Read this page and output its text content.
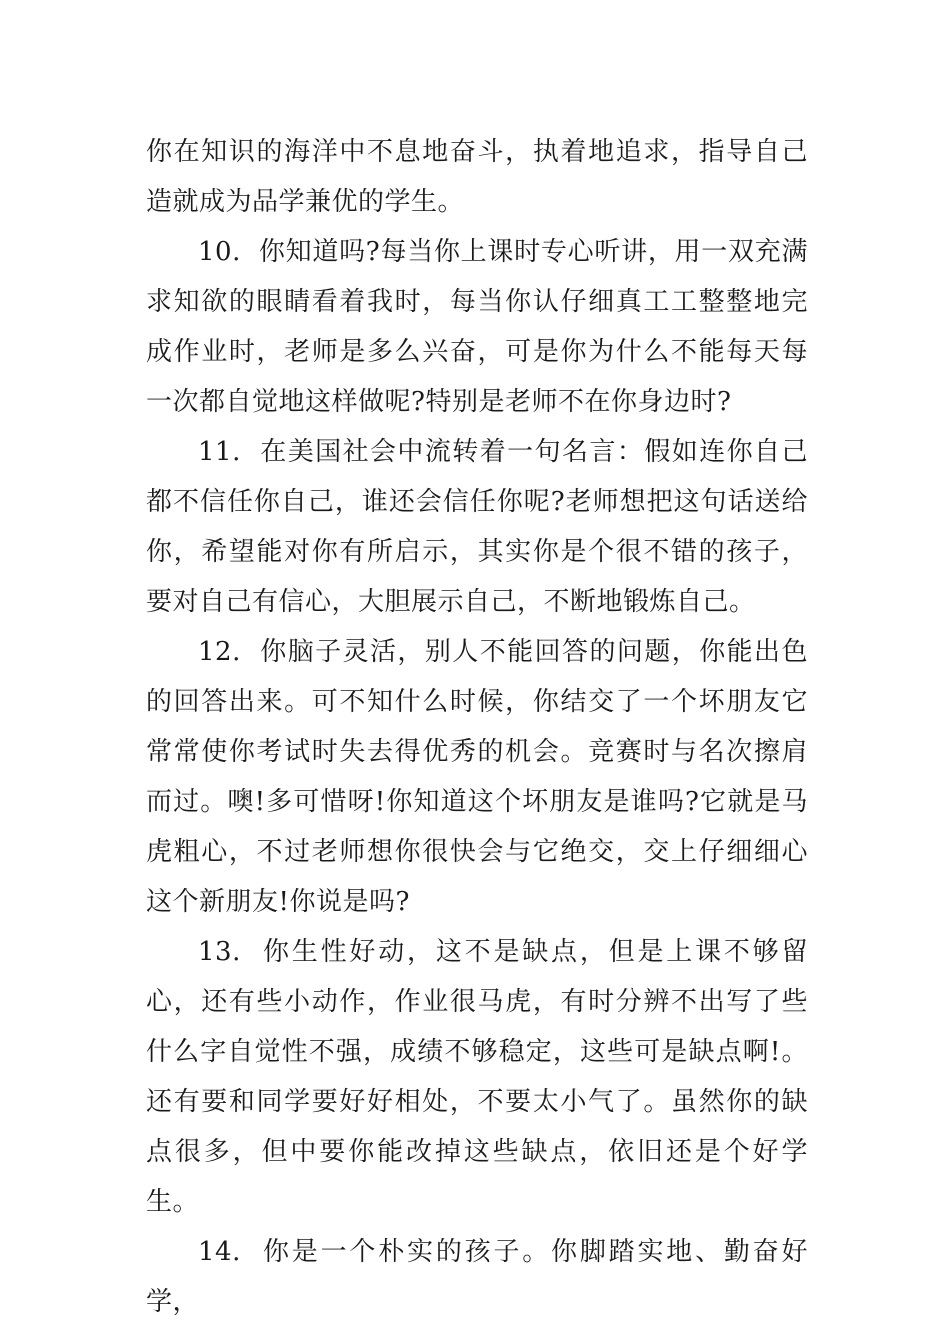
你在知识的海洋中不息地奋斗，执着地追求，指导自己造就成为品学兼优的学生。

10. 你知道吗?每当你上课时专心听讲，用一双充满求知欲的眼睛看着我时，每当你认仔细真工工整整地完成作业时，老师是多么兴奋，可是你为什么不能每天每一次都自觉地这样做呢?特别是老师不在你身边时?

11. 在美国社会中流转着一句名言：假如连你自己都不信任你自己，谁还会信任你呢?老师想把这句话送给你，希望能对你有所启示，其实你是个很不错的孩子，要对自己有信心，大胆展示自己，不断地锻炼自己。

12. 你脑子灵活，别人不能回答的问题，你能出色的回答出来。可不知什么时候，你结交了一个坏朋友它常常使你考试时失去得优秀的机会。竞赛时与名次擦肩而过。噢!多可惜呀!你知道这个坏朋友是谁吗?它就是马虎粗心，不过老师想你很快会与它绝交，交上仔细细心这个新朋友!你说是吗?

13. 你生性好动，这不是缺点，但是上课不够留心，还有些小动作，作业很马虎，有时分辨不出写了些什么字自觉性不强，成绩不够稳定，这些可是缺点啊!。还有要和同学要好好相处，不要太小气了。虽然你的缺点很多，但中要你能改掉这些缺点，依旧还是个好学生。

14. 你是一个朴实的孩子。你脚踏实地、勤奋好学，
